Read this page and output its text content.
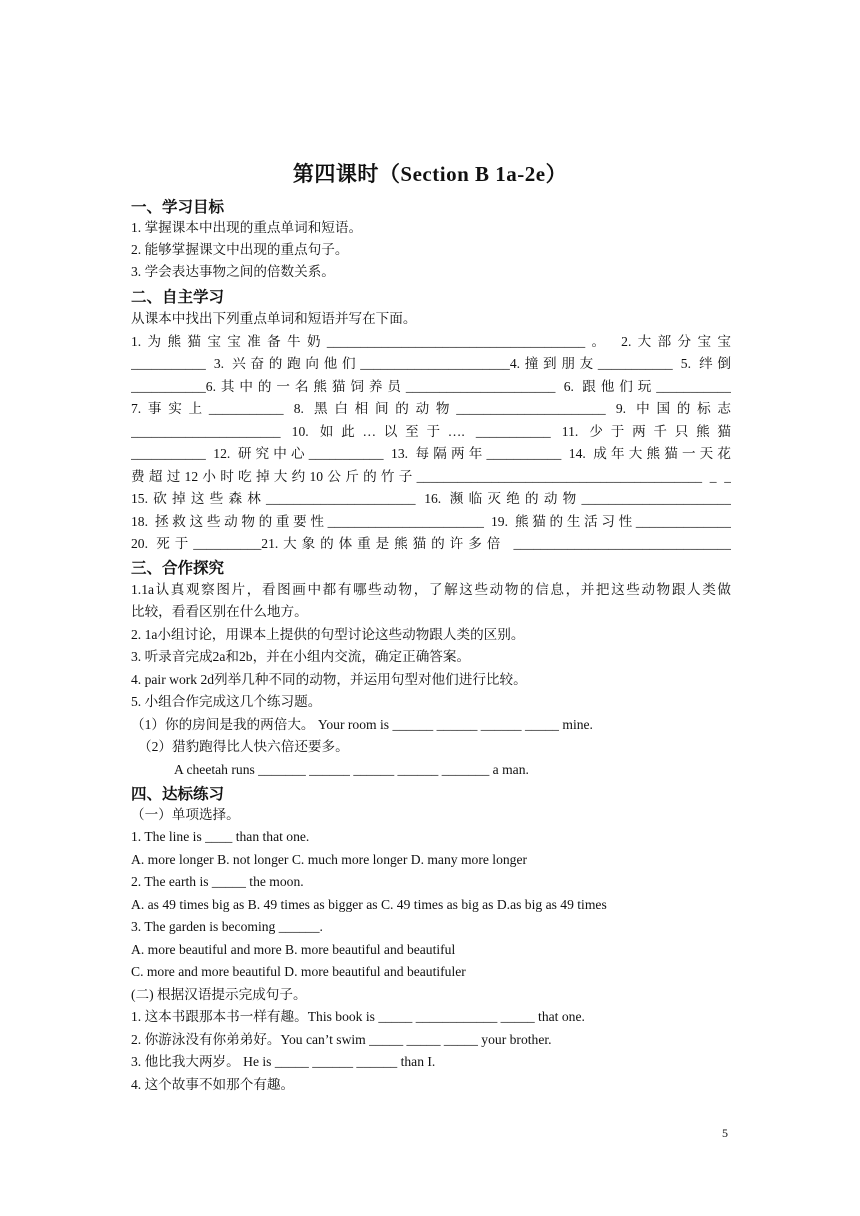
第四课时（Section B 1a-2e）
一、学习目标
1. 掌握课本中出现的重点单词和短语。
2. 能够掌握课文中出现的重点句子。
3. 学会表达事物之间的倍数关系。
二、自主学习
从课本中找出下列重点单词和短语并写在下面。
1.为熊猫宝宝准备牛奶______________________________________。 2.大部分宝宝
___________ 3. 兴奋的跑向他们______________________4.撞到朋友___________ 5. 绊倒
___________6.其中的一名熊猫饲养员______________________ 6. 跟他们玩___________
7.事实上___________ 8. 黑白相间的动物______________________ 9. 中国的标志
______________________ 10. 如此…以至于…. ___________ 11. 少于两千只熊猫
___________ 12. 研究中心___________ 13. 每隔两年___________ 14. 成年大熊猫一天花
费超过12小时吃掉大约10公斤的竹子__________________________________________ _ _
15.砍掉这些森林______________________ 16. 濒临灭绝的动物______________________
18. 拯救这些动物的重要性_______________________ 19. 熊猫的生活习性______________
20. 死于__________21.大象的体重是熊猫的许多倍 ________________________________
三、合作探究
1.1a认真观察图片，看图画中都有哪些动物，了解这些动物的信息，并把这些动物跟人类做
比较，看看区别在什么地方。
2. 1a小组讨论，用课本上提供的句型讨论这些动物跟人类的区别。
3. 听录音完成2a和2b，并在小组内交流，确定正确答案。
4. pair work 2d列举几种不同的动物，并运用句型对他们进行比较。
5. 小组合作完成这几个练习题。
（1）你的房间是我的两倍大。 Your room is ______ ______ ______ _____ mine.
（2）猎豹跑得比人快六倍还要多。
A cheetah runs _______ ______ ______ ______ _______ a man.
四、达标练习
（一）单项选择。
1. The line is ____ than that one.
A. more longer B. not longer C. much more longer D. many more longer
2. The earth is _____ the moon.
A. as 49 times big as B. 49 times as bigger as C. 49 times as big as D.as big as 49 times
3. The garden is becoming ______.
A. more beautiful and more B. more beautiful and beautiful
C. more and more beautiful D. more beautiful and beautifuler
(二) 根据汉语提示完成句子。
1. 这本书跟那本书一样有趣。This book is _____ ____________ _____ that one.
2. 你游泳没有你弟弟好。You can’t swim _____ _____ _____ your brother.
3. 他比我大两岁。 He is _____ ______ ______ than I.
4. 这个故事不如那个有趣。
5
